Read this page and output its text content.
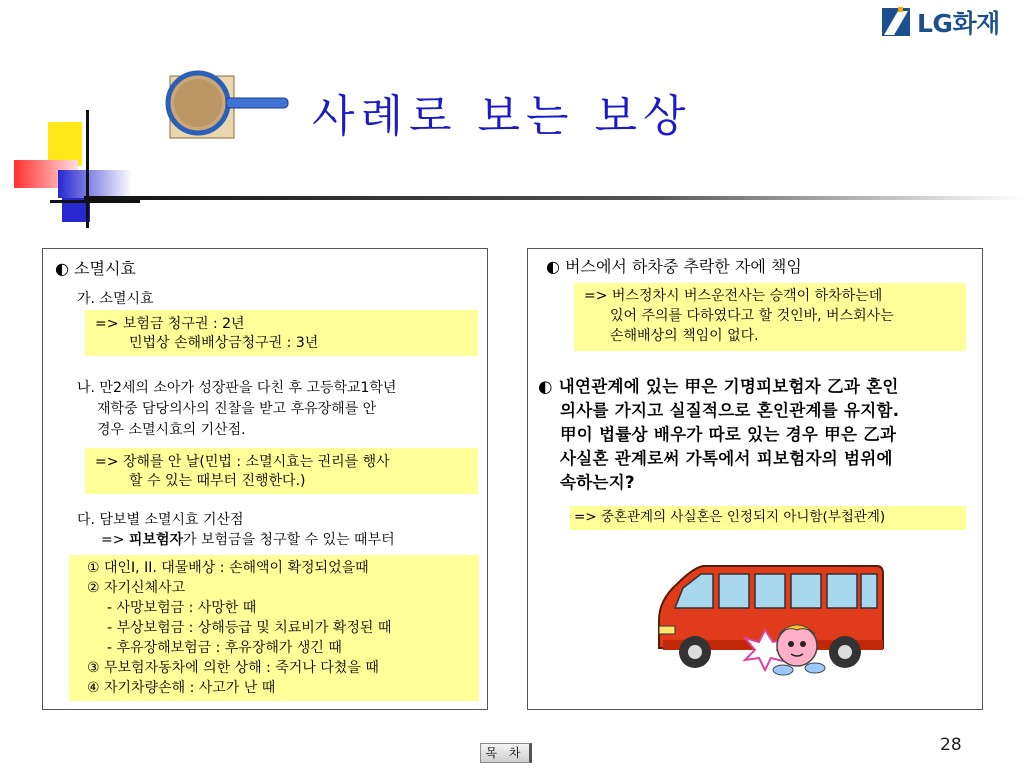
LG화재
사례로 보는 보상
◐ 소멸시효
가. 소멸시효
=> 보험금 청구권 : 2년
민법상 손해배상금청구권 : 3년
나. 만2세의 소아가 성장판을 다친 후 고등학교1학년
재학중 담당의사의 진찰을 받고 후유장해를 안
경우 소멸시효의 기산점.
=> 장해를 안 날(민법 : 소멸시효는 권리를 행사
할 수 있는 때부터 진행한다.)
다. 담보별 소멸시효 기산점
=> 피보험자가 보험금을 청구할 수 있는 때부터
① 대인I, II. 대물배상 : 손해액이 확정되었을때
② 자기신체사고
- 사망보험금 : 사망한 때
- 부상보험금 : 상해등급 및 치료비가 확정된 때
- 후유장해보험금 : 후유장해가 생긴 때
③ 무보험자동차에 의한 상해 : 죽거나 다쳤을 때
④ 자기차량손해 : 사고가 난 때
◐ 버스에서 하차중 추락한 자에 책임
=> 버스정차시 버스운전사는 승객이 하차하는데
있어 주의를 다하였다고 할 것인바, 버스회사는
손해배상의 책임이 없다.
◐ 내연관계에 있는 甲은 기명피보험자 乙과 혼인
의사를 가지고 실질적으로 혼인관계를 유지함.
甲이 법률상 배우가 따로 있는 경우 甲은 乙과
사실혼 관계로써 가톡에서 피보험자의 범위에
속하는지?
=> 중혼관계의 사실혼은 인정되지 아니함(부첩관계)
28
목 차
